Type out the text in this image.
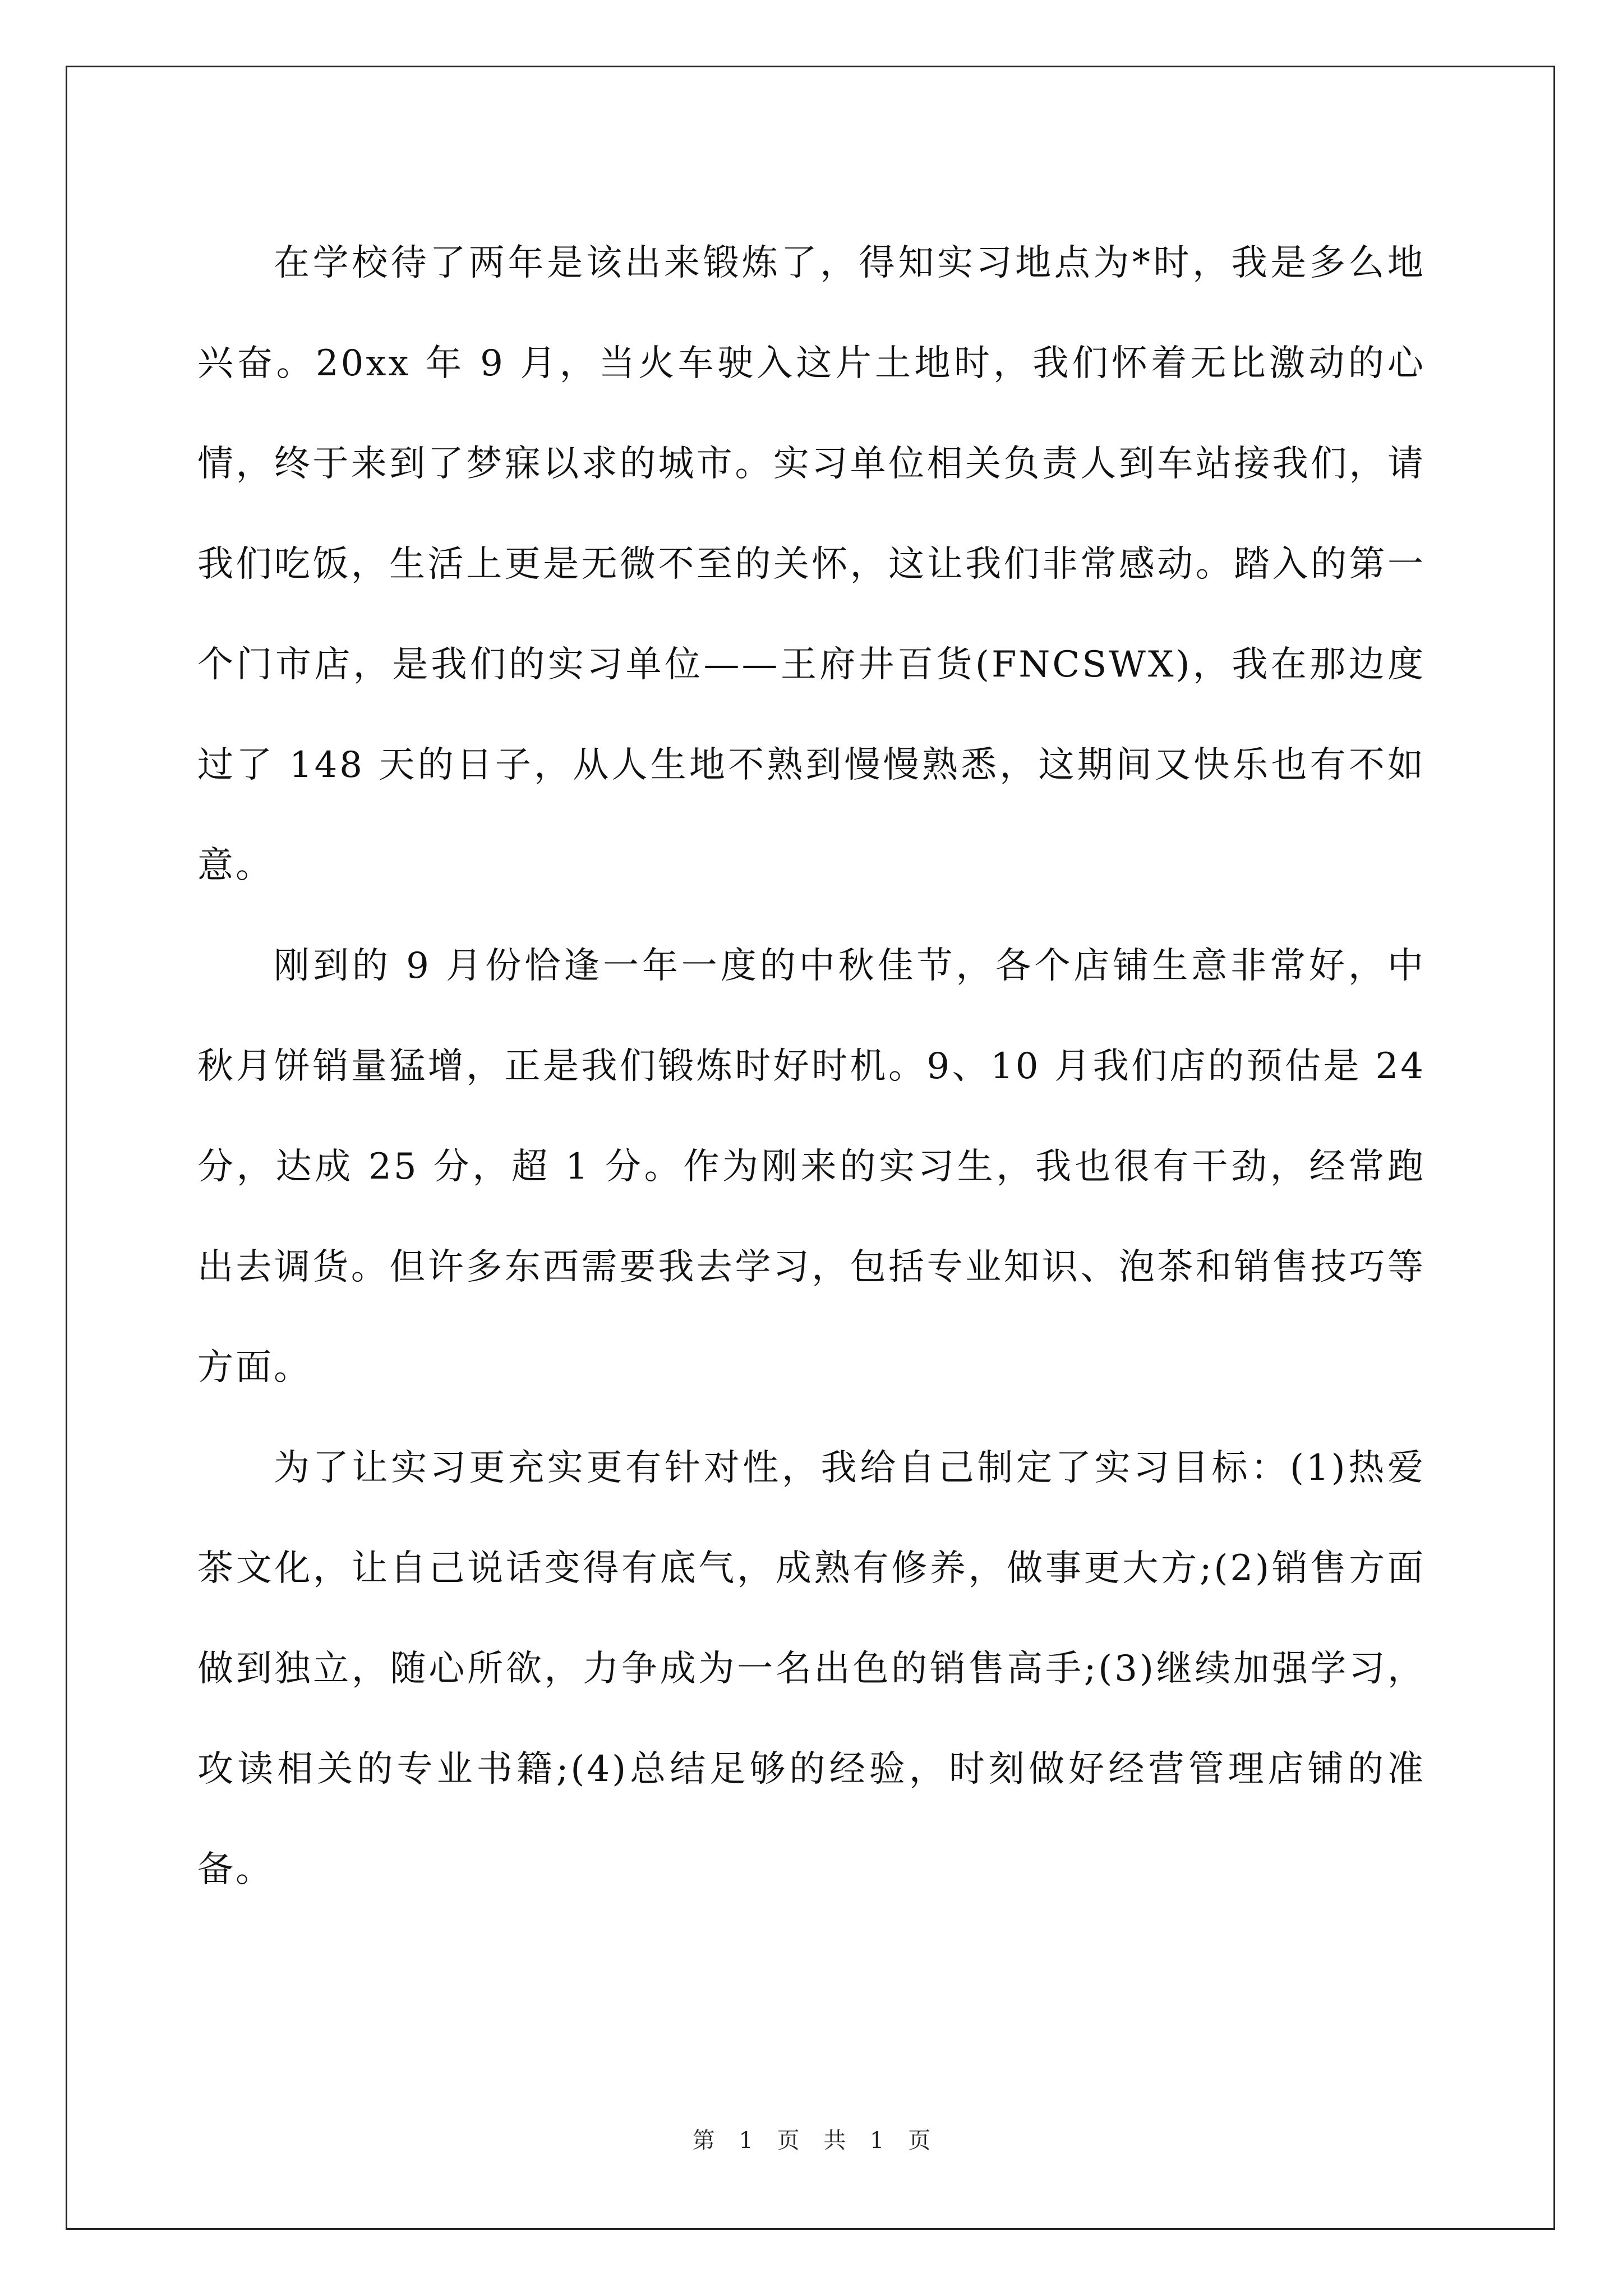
在学校待了两年是该出来锻炼了，得知实习地点为*时，我是多么地兴奋。20xx 年 9 月，当火车驶入这片土地时，我们怀着无比激动的心情，终于来到了梦寐以求的城市。实习单位相关负责人到车站接我们，请我们吃饭，生活上更是无微不至的关怀，这让我们非常感动。踏入的第一个门市店，是我们的实习单位——王府井百货(FNCSWX)，我在那边度过了 148 天的日子，从人生地不熟到慢慢熟悉，这期间又快乐也有不如意。

刚到的 9 月份恰逢一年一度的中秋佳节，各个店铺生意非常好，中秋月饼销量猛增，正是我们锻炼时好时机。9、10 月我们店的预估是 24 分，达成 25 分，超 1 分。作为刚来的实习生，我也很有干劲，经常跑出去调货。但许多东西需要我去学习，包括专业知识、泡茶和销售技巧等方面。

为了让实习更充实更有针对性，我给自己制定了实习目标：(1)热爱茶文化，让自己说话变得有底气，成熟有修养，做事更大方;(2)销售方面做到独立，随心所欲，力争成为一名出色的销售高手;(3)继续加强学习，攻读相关的专业书籍;(4)总结足够的经验，时刻做好经营管理店铺的准备。

第 1 页 共 1 页
